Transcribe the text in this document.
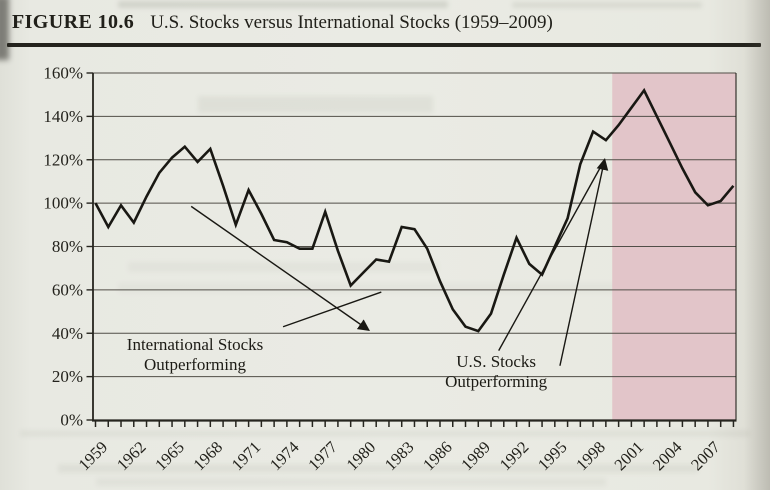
FIGURE 10.6 U.S. Stocks versus International Stocks (1959–2009)
0%
20%
40%
60%
80%
100%
120%
140%
160%
1959 1962 1965 1968 1971 1974 1977 1980 1983 1986 1989 1992 1995 1998 2001 2004 2007
International Stocks
Outperforming	U.S. Stocks
Outperforming
